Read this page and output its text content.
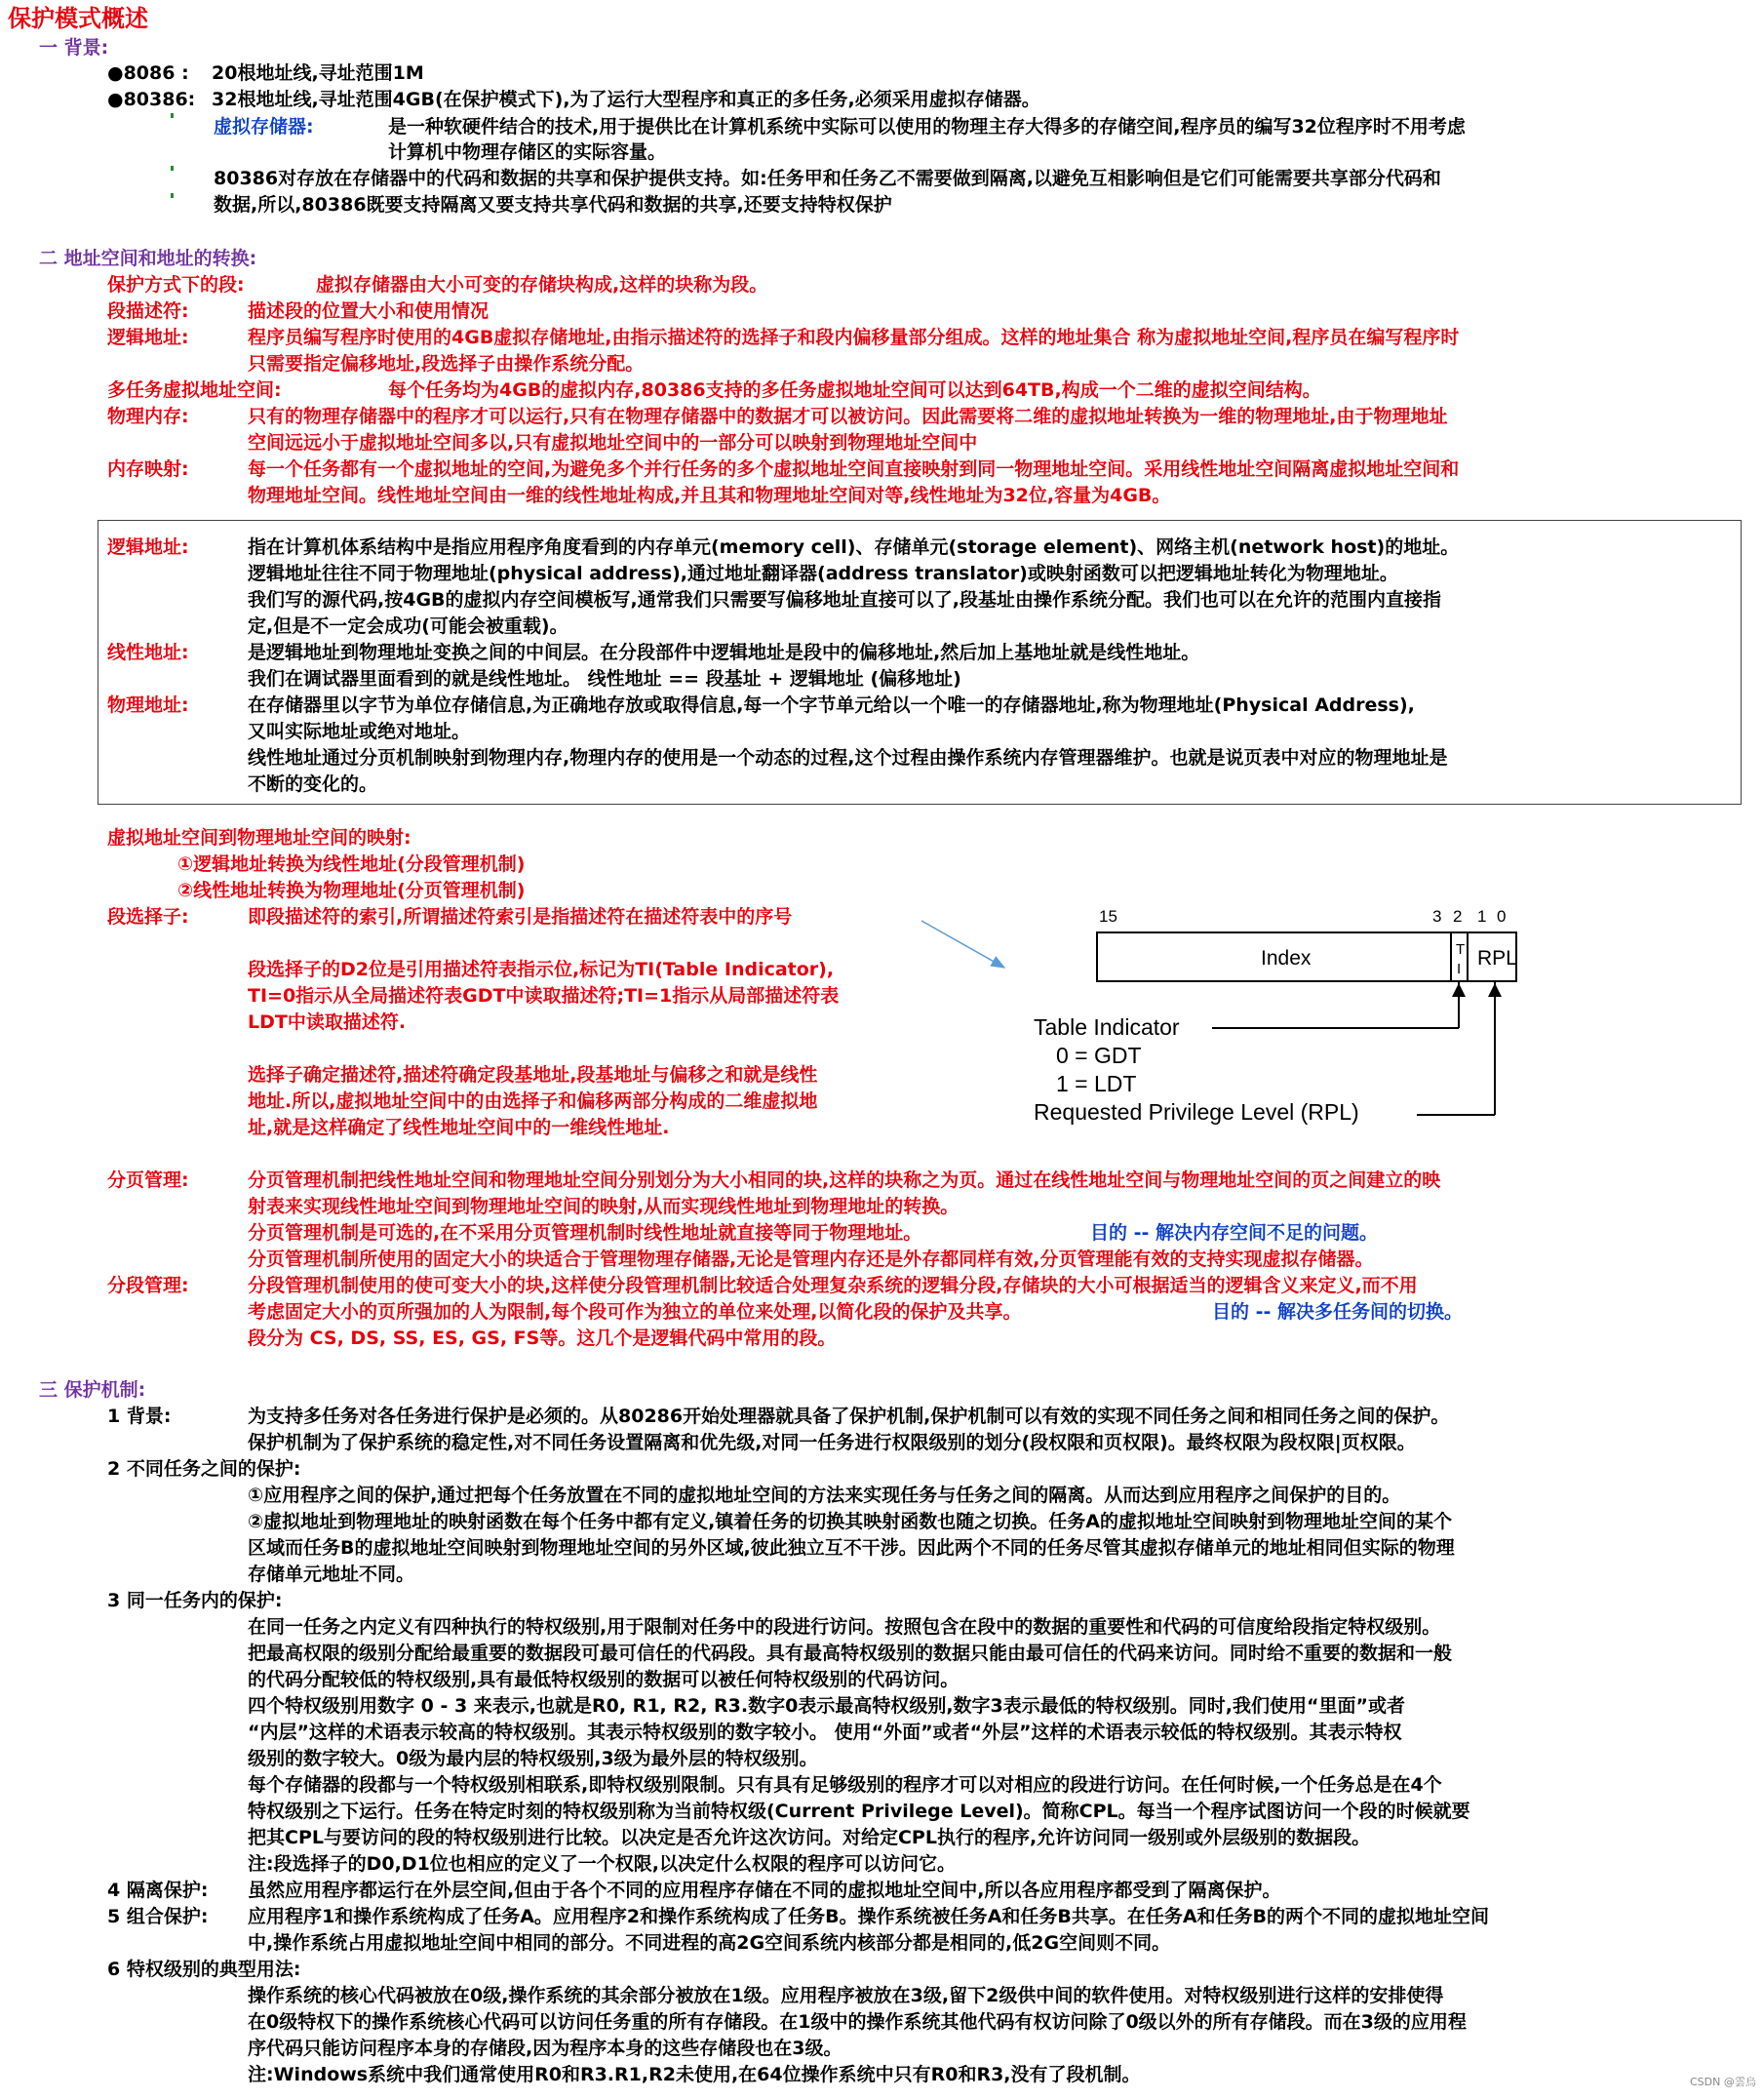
保护模式概述
一 背景:
●8086 : 20根地址线,寻址范围1M
●80386: 32根地址线,寻址范围4GB(在保护模式下),为了运行大型程序和真正的多任务,必须采用虚拟存储器。
虚拟存储器:	是一种软硬件结合的技术,用于提供比在计算机系统中实际可以使用的物理主存大得多的存储空间,程序员的编写32位程序时不用考虑
计算机中物理存储区的实际容量。
80386对存放在存储器中的代码和数据的共享和保护提供支持。如:任务甲和任务乙不需要做到隔离,以避免互相影响但是它们可能需要共享部分代码和
数据,所以,80386既要支持隔离又要支持共享代码和数据的共享,还要支持特权保护
二 地址空间和地址的转换:
保护方式下的段:	虚拟存储器由大小可变的存储块构成,这样的块称为段。
段描述符:	描述段的位置大小和使用情况
逻辑地址:	程序员编写程序时使用的4GB虚拟存储地址,由指示描述符的选择子和段内偏移量部分组成。这样的地址集合 称为虚拟地址空间,程序员在编写程序时
只需要指定偏移地址,段选择子由操作系统分配。
多任务虚拟地址空间:	每个任务均为4GB的虚拟内存,80386支持的多任务虚拟地址空间可以达到64TB,构成一个二维的虚拟空间结构。
物理内存:	只有的物理存储器中的程序才可以运行,只有在物理存储器中的数据才可以被访问。因此需要将二维的虚拟地址转换为一维的物理地址,由于物理地址
空间远远小于虚拟地址空间多以,只有虚拟地址空间中的一部分可以映射到物理地址空间中
内存映射:	每一个任务都有一个虚拟地址的空间,为避免多个并行任务的多个虚拟地址空间直接映射到同一物理地址空间。采用线性地址空间隔离虚拟地址空间和
物理地址空间。线性地址空间由一维的线性地址构成,并且其和物理地址空间对等,线性地址为32位,容量为4GB。
逻辑地址:	指在计算机体系结构中是指应用程序角度看到的内存单元(memory cell)、存储单元(storage element)、网络主机(network host)的地址。
逻辑地址往往不同于物理地址(physical address),通过地址翻译器(address translator)或映射函数可以把逻辑地址转化为物理地址。
我们写的源代码,按4GB的虚拟内存空间模板写,通常我们只需要写偏移地址直接可以了,段基址由操作系统分配。我们也可以在允许的范围内直接指
定,但是不一定会成功(可能会被重载)。
线性地址:	是逻辑地址到物理地址变换之间的中间层。在分段部件中逻辑地址是段中的偏移地址,然后加上基地址就是线性地址。
我们在调试器里面看到的就是线性地址。 线性地址 == 段基址 + 逻辑地址 (偏移地址)
物理地址:	在存储器里以字节为单位存储信息,为正确地存放或取得信息,每一个字节单元给以一个唯一的存储器地址,称为物理地址(Physical Address),
又叫实际地址或绝对地址。
线性地址通过分页机制映射到物理内存,物理内存的使用是一个动态的过程,这个过程由操作系统内存管理器维护。也就是说页表中对应的物理地址是
不断的变化的。
虚拟地址空间到物理地址空间的映射:
①逻辑地址转换为线性地址(分段管理机制)
②线性地址转换为物理地址(分页管理机制)
段选择子:	即段描述符的索引,所谓描述符索引是指描述符在描述符表中的序号
段选择子的D2位是引用描述符表指示位,标记为TI(Table Indicator),
TI=0指示从全局描述符表GDT中读取描述符;TI=1指示从局部描述符表
LDT中读取描述符.
选择子确定描述符,描述符确定段基地址,段基地址与偏移之和就是线性
地址.所以,虚拟地址空间中的由选择子和偏移两部分构成的二维虚拟地
址,就是这样确定了线性地址空间中的一维线性地址.
15	3 2 1 0
Index	T
I RPL
Table Indicator
0 = GDT
1 = LDT
Requested Privilege Level (RPL)
分页管理:	分页管理机制把线性地址空间和物理地址空间分别划分为大小相同的块,这样的块称之为页。通过在线性地址空间与物理地址空间的页之间建立的映
射表来实现线性地址空间到物理地址空间的映射,从而实现线性地址到物理地址的转换。
分页管理机制是可选的,在不采用分页管理机制时线性地址就直接等同于物理地址。	目的 -- 解决内存空间不足的问题。
分页管理机制所使用的固定大小的块适合于管理物理存储器,无论是管理内存还是外存都同样有效,分页管理能有效的支持实现虚拟存储器。
分段管理:	分段管理机制使用的使可变大小的块,这样使分段管理机制比较适合处理复杂系统的逻辑分段,存储块的大小可根据适当的逻辑含义来定义,而不用
考虑固定大小的页所强加的人为限制,每个段可作为独立的单位来处理,以简化段的保护及共享。	目的 -- 解决多任务间的切换。
段分为 CS, DS, SS, ES, GS, FS等。这几个是逻辑代码中常用的段。
三 保护机制:
1 背景:	为支持多任务对各任务进行保护是必须的。从80286开始处理器就具备了保护机制,保护机制可以有效的实现不同任务之间和相同任务之间的保护。
保护机制为了保护系统的稳定性,对不同任务设置隔离和优先级,对同一任务进行权限级别的划分(段权限和页权限)。最终权限为段权限|页权限。
2 不同任务之间的保护:
①应用程序之间的保护,通过把每个任务放置在不同的虚拟地址空间的方法来实现任务与任务之间的隔离。从而达到应用程序之间保护的目的。
②虚拟地址到物理地址的映射函数在每个任务中都有定义,镇着任务的切换其映射函数也随之切换。任务A的虚拟地址空间映射到物理地址空间的某个
区域而任务B的虚拟地址空间映射到物理地址空间的另外区域,彼此独立互不干涉。因此两个不同的任务尽管其虚拟存储单元的地址相同但实际的物理
存储单元地址不同。
3 同一任务内的保护:
在同一任务之内定义有四种执行的特权级别,用于限制对任务中的段进行访问。按照包含在段中的数据的重要性和代码的可信度给段指定特权级别。
把最高权限的级别分配给最重要的数据段可最可信任的代码段。具有最高特权级别的数据只能由最可信任的代码来访问。同时给不重要的数据和一般
的代码分配较低的特权级别,具有最低特权级别的数据可以被任何特权级别的代码访问。
四个特权级别用数字 0 - 3 来表示,也就是R0, R1, R2, R3.数字0表示最高特权级别,数字3表示最低的特权级别。同时,我们使用“里面”或者
“内层”这样的术语表示较高的特权级别。其表示特权级别的数字较小。 使用“外面”或者“外层”这样的术语表示较低的特权级别。其表示特权
级别的数字较大。0级为最内层的特权级别,3级为最外层的特权级别。
每个存储器的段都与一个特权级别相联系,即特权级别限制。只有具有足够级别的程序才可以对相应的段进行访问。在任何时候,一个任务总是在4个
特权级别之下运行。任务在特定时刻的特权级别称为当前特权级(Current Privilege Level)。简称CPL。每当一个程序试图访问一个段的时候就要
把其CPL与要访问的段的特权级别进行比较。以决定是否允许这次访问。对给定CPL执行的程序,允许访问同一级别或外层级别的数据段。
注:段选择子的D0,D1位也相应的定义了一个权限,以决定什么权限的程序可以访问它。
4 隔离保护: 虽然应用程序都运行在外层空间,但由于各个不同的应用程序存储在不同的虚拟地址空间中,所以各应用程序都受到了隔离保护。
5 组合保护: 应用程序1和操作系统构成了任务A。应用程序2和操作系统构成了任务B。操作系统被任务A和任务B共享。在任务A和任务B的两个不同的虚拟地址空间
中,操作系统占用虚拟地址空间中相同的部分。不同进程的高2G空间系统内核部分都是相同的,低2G空间则不同。
6 特权级别的典型用法:
操作系统的核心代码被放在0级,操作系统的其余部分被放在1级。应用程序被放在3级,留下2级供中间的软件使用。对特权级别进行这样的安排使得
在0级特权下的操作系统核心代码可以访问任务重的所有存储段。在1级中的操作系统其他代码有权访问除了0级以外的所有存储段。而在3级的应用程
序代码只能访问程序本身的存储段,因为程序本身的这些存储段也在3级。
注:Windows系统中我们通常使用R0和R3.R1,R2未使用,在64位操作系统中只有R0和R3,没有了段机制。	CSDN @雲烏
